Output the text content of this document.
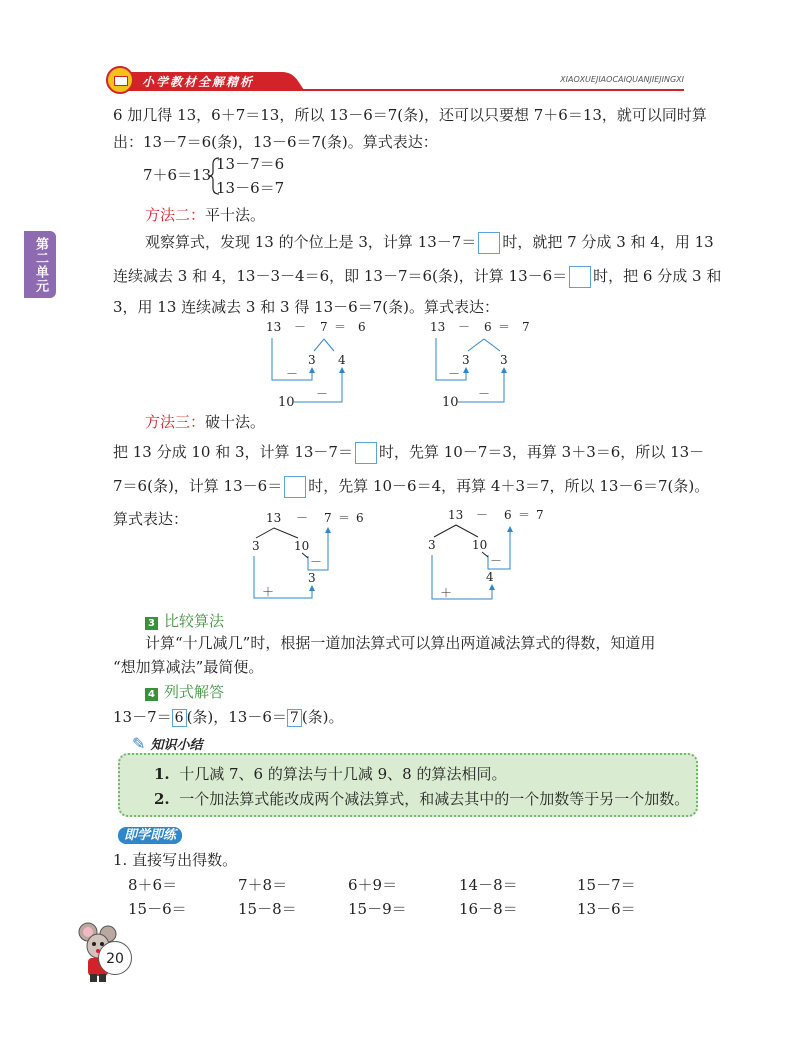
小学教材全解精析	XIAOXUEJIAOCAIQUANJIEJINGXI
第二单元
6 加几得 13，6＋7＝13，所以 13－6＝7(条)，还可以只要想 7＋6＝13，就可以同时算
出：13－7＝6(条)，13－6＝7(条)。算式表达：
7＋6＝13
13－7＝6
13－6＝7
方法二：平十法。
观察算式，发现 13 的个位上是 3，计算 13－7＝ 时，就把 7 分成 3 和 4，用 13
连续减去 3 和 4，13－3－4＝6，即 13－7＝6(条)，计算 13－6＝ 时，把 6 分成 3 和
3，用 13 连续减去 3 和 3 得 13－6＝7(条)。算式表达：
13 － 7 ＝ 6
3 4
－
－
10
13 － 6 ＝ 7
3	3
－
－
10
方法三：破十法。
把 13 分成 10 和 3，计算 13－7＝ 时，先算 10－7＝3，再算 3＋3＝6，所以 13－
7＝6(条)，计算 13－6＝ 时，先算 10－6＝4，再算 4＋3＝7，所以 13－6＝7(条)。
算式表达：	13 － 7 ＝ 6
3	10
－
3
＋
13 － 6 ＝ 7
3	10
－
4
＋
3 比较算法
计算“十几减几”时，根据一道加法算式可以算出两道减法算式的得数，知道用
“想加算减法”最简便。
4 列式解答
13－7＝ 6 (条)，13－6＝ 7 (条)。
✎ 知识小结
1. 十几减 7、6 的算法与十几减 9、8 的算法相同。
2. 一个加法算式能改成两个减法算式，和减去其中的一个加数等于另一个加数。
即学即练
1. 直接写出得数。
8＋6＝	7＋8＝	6＋9＝	14－8＝	15－7＝
15－6＝	15－8＝	15－9＝	16－8＝	13－6＝
20
